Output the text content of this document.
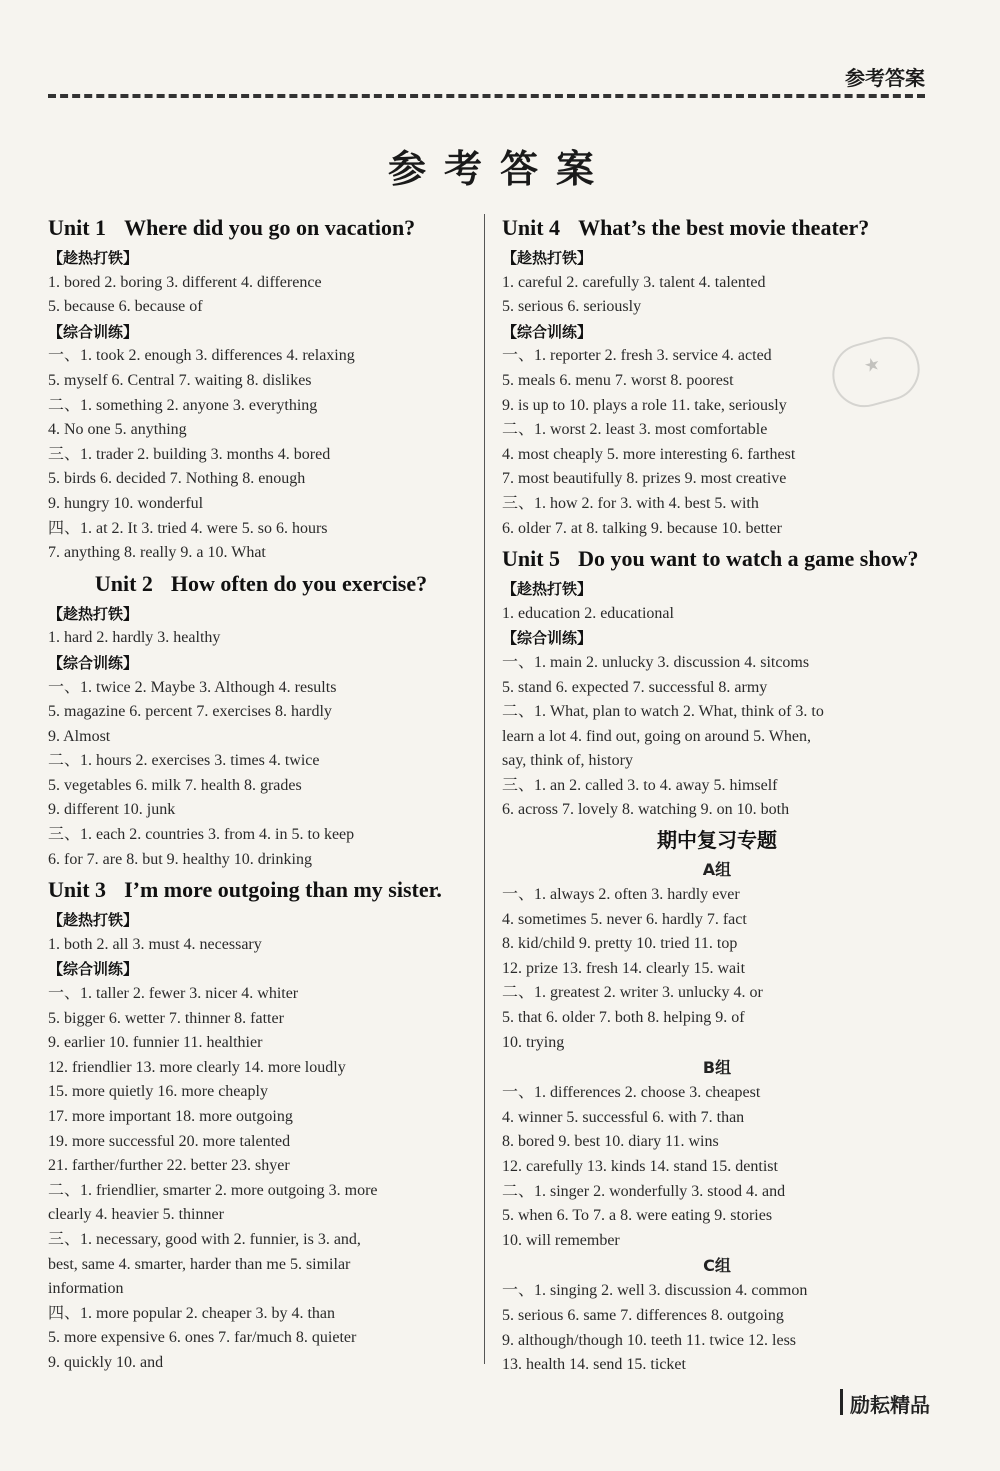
参考答案
参考答案
★
Unit 1 Where did you go on vacation?
【趁热打铁】
1. bored 2. boring 3. different 4. difference
5. because 6. because of
【综合训练】
一、1. took 2. enough 3. differences 4. relaxing
5. myself 6. Central 7. waiting 8. dislikes
二、1. something 2. anyone 3. everything
4. No one 5. anything
三、1. trader 2. building 3. months 4. bored
5. birds 6. decided 7. Nothing 8. enough
9. hungry 10. wonderful
四、1. at 2. It 3. tried 4. were 5. so 6. hours
7. anything 8. really 9. a 10. What
Unit 2 How often do you exercise?
【趁热打铁】
1. hard 2. hardly 3. healthy
【综合训练】
一、1. twice 2. Maybe 3. Although 4. results
5. magazine 6. percent 7. exercises 8. hardly
9. Almost
二、1. hours 2. exercises 3. times 4. twice
5. vegetables 6. milk 7. health 8. grades
9. different 10. junk
三、1. each 2. countries 3. from 4. in 5. to keep
6. for 7. are 8. but 9. healthy 10. drinking
Unit 3 I’m more outgoing than my sister.
【趁热打铁】
1. both 2. all 3. must 4. necessary
【综合训练】
一、1. taller 2. fewer 3. nicer 4. whiter
5. bigger 6. wetter 7. thinner 8. fatter
9. earlier 10. funnier 11. healthier
12. friendlier 13. more clearly 14. more loudly
15. more quietly 16. more cheaply
17. more important 18. more outgoing
19. more successful 20. more talented
21. farther/further 22. better 23. shyer
二、1. friendlier, smarter 2. more outgoing 3. more
clearly 4. heavier 5. thinner
三、1. necessary, good with 2. funnier, is 3. and,
best, same 4. smarter, harder than me 5. similar
information
四、1. more popular 2. cheaper 3. by 4. than
5. more expensive 6. ones 7. far/much 8. quieter
9. quickly 10. and
Unit 4 What’s the best movie theater?
【趁热打铁】
1. careful 2. carefully 3. talent 4. talented
5. serious 6. seriously
【综合训练】
一、1. reporter 2. fresh 3. service 4. acted
5. meals 6. menu 7. worst 8. poorest
9. is up to 10. plays a role 11. take, seriously
二、1. worst 2. least 3. most comfortable
4. most cheaply 5. more interesting 6. farthest
7. most beautifully 8. prizes 9. most creative
三、1. how 2. for 3. with 4. best 5. with
6. older 7. at 8. talking 9. because 10. better
Unit 5 Do you want to watch a game show?
【趁热打铁】
1. education 2. educational
【综合训练】
一、1. main 2. unlucky 3. discussion 4. sitcoms
5. stand 6. expected 7. successful 8. army
二、1. What, plan to watch 2. What, think of 3. to
learn a lot 4. find out, going on around 5. When,
say, think of, history
三、1. an 2. called 3. to 4. away 5. himself
6. across 7. lovely 8. watching 9. on 10. both
期中复习专题
A组
一、1. always 2. often 3. hardly ever
4. sometimes 5. never 6. hardly 7. fact
8. kid/child 9. pretty 10. tried 11. top
12. prize 13. fresh 14. clearly 15. wait
二、1. greatest 2. writer 3. unlucky 4. or
5. that 6. older 7. both 8. helping 9. of
10. trying
B组
一、1. differences 2. choose 3. cheapest
4. winner 5. successful 6. with 7. than
8. bored 9. best 10. diary 11. wins
12. carefully 13. kinds 14. stand 15. dentist
二、1. singer 2. wonderfully 3. stood 4. and
5. when 6. To 7. a 8. were eating 9. stories
10. will remember
C组
一、1. singing 2. well 3. discussion 4. common
5. serious 6. same 7. differences 8. outgoing
9. although/though 10. teeth 11. twice 12. less
13. health 14. send 15. ticket
励耘精品
